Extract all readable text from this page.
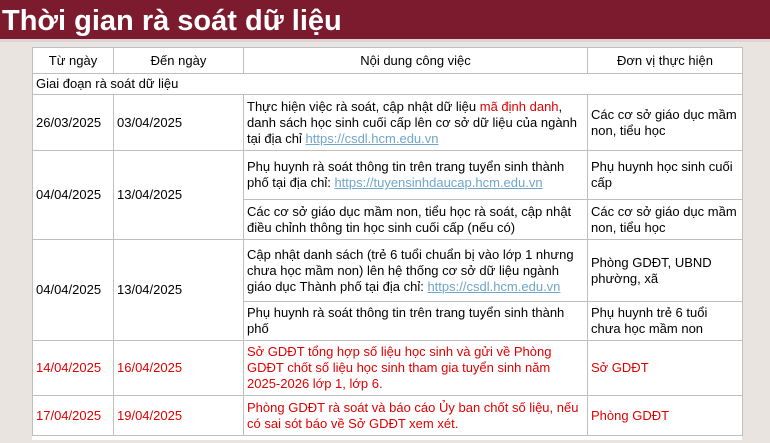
Thời gian rà soát dữ liệu
Từ ngày	Đến ngày	Nội dung công việc	Đơn vị thực hiện
Giai đoạn rà soát dữ liệu			
26/03/2025	03/04/2025	Thực hiện việc rà soát, cập nhật dữ liệu mã định danh, danh sách học sinh cuối cấp lên cơ sở dữ liệu của ngành tại địa chỉ https://csdl.hcm.edu.vn	Các cơ sở giáo dục mầm non, tiểu học
04/04/2025	13/04/2025	Phụ huynh rà soát thông tin trên trang tuyển sinh thành phố tại địa chỉ: https://tuyensinhdaucap.hcm.edu.vn	Phụ huynh học sinh cuối cấp
		Các cơ sở giáo dục mầm non, tiểu học rà soát, cập nhật điều chỉnh thông tin học sinh cuối cấp (nếu có)	Các cơ sở giáo dục mầm non, tiểu học
04/04/2025	13/04/2025	Cập nhật danh sách (trẻ 6 tuổi chuẩn bị vào lớp 1 nhưng chưa học mầm non) lên hệ thống cơ sở dữ liệu ngành giáo dục Thành phố tại địa chỉ: https://csdl.hcm.edu.vn	Phòng GDĐT, UBND phường, xã
		Phụ huynh rà soát thông tin trên trang tuyển sinh thành phố	Phụ huynh trẻ 6 tuổi chưa học mầm non
14/04/2025	16/04/2025	Sở GDĐT tổng hợp số liệu học sinh và gửi về Phòng GDĐT chốt số liệu học sinh tham gia tuyển sinh năm 2025-2026 lớp 1, lớp 6.	Sở GDĐT
17/04/2025	19/04/2025	Phòng GDĐT rà soát và báo cáo Ủy ban chốt số liệu, nếu có sai sót báo về Sở GDĐT xem xét.	Phòng GDĐT
